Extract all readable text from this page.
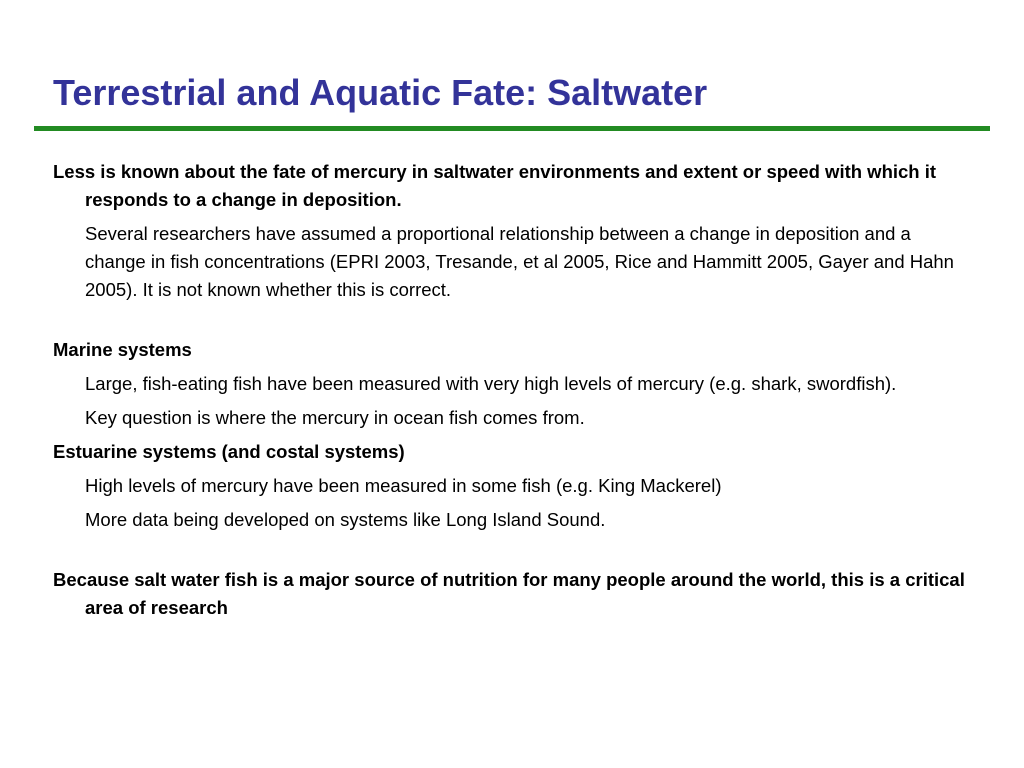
Terrestrial and Aquatic Fate: Saltwater

Less is known about the fate of mercury in saltwater environments and extent or speed with which it responds to a change in deposition.

Several researchers have assumed a proportional relationship between a change in deposition and a change in fish concentrations (EPRI 2003, Tresande, et al 2005, Rice and Hammitt 2005, Gayer and Hahn 2005). It is not known whether this is correct.

Marine systems

Large, fish-eating fish have been measured with very high levels of mercury (e.g. shark, swordfish).

Key question is where the mercury in ocean fish comes from.

Estuarine systems (and costal systems)

High levels of mercury have been measured in some fish (e.g. King Mackerel)

More data being developed on systems like Long Island Sound.

Because salt water fish is a major source of nutrition for many people around the world, this is a critical area of research
